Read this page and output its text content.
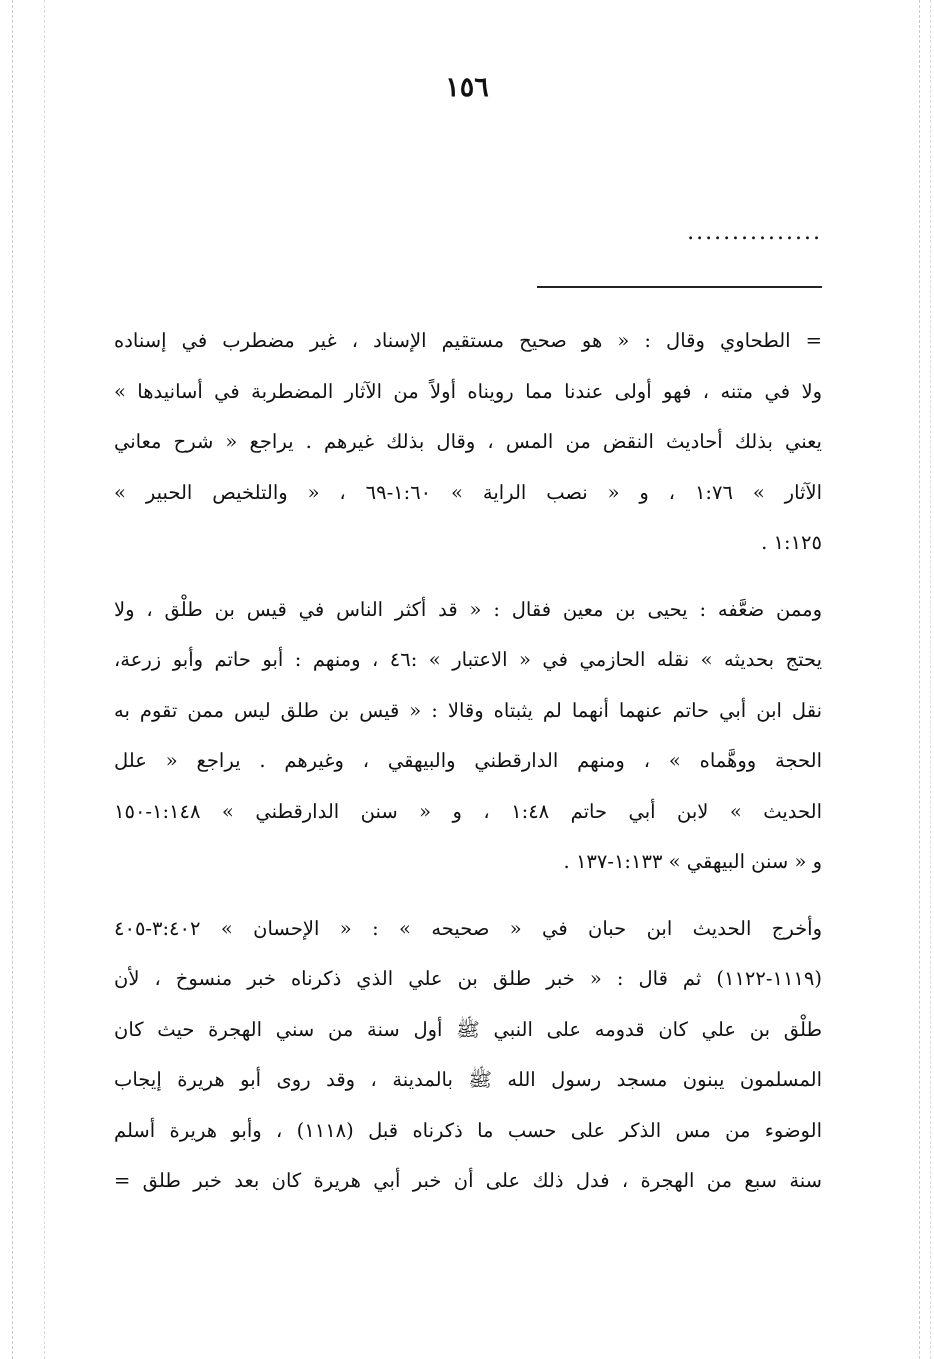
١٥٦
...............
= الطحاوي وقال : « هو صحيح مستقيم الإسناد ، غير مضطرب في إسناده
ولا في متنه ، فهو أولى عندنا مما رويناه أولاً من الآثار المضطربة في أسانيدها »
يعني بذلك أحاديث النقض من المس ، وقال بذلك غيرهم . يراجع « شرح معاني
الآثار » ١:٧٦ ، و « نصب الراية » ١:٦٠-٦٩ ، « والتلخيص الحبير »
١:١٢٥ .
وممن ضعَّفه : يحيى بن معين فقال : « قد أكثر الناس في قيس بن طلْق ، ولا
يحتج بحديثه » نقله الحازمي في « الاعتبار » :٤٦ ، ومنهم : أبو حاتم وأبو زرعة،
نقل ابن أبي حاتم عنهما أنهما لم يثبتاه وقالا : « قيس بن طلق ليس ممن تقوم به
الحجة ووهَّماه » ، ومنهم الدارقطني والبيهقي ، وغيرهم . يراجع « علل
الحديث » لابن أبي حاتم ١:٤٨ ، و « سنن الدارقطني » ١:١٤٨-١٥٠
و « سنن البيهقي » ١:١٣٣-١٣٧ .
وأخرج الحديث ابن حبان في « صحيحه » : « الإحسان » ٣:٤٠٢-٤٠٥
(١١١٩-١١٢٢) ثم قال : « خبر طلق بن علي الذي ذكرناه خبر منسوخ ، لأن
طلْق بن علي كان قدومه على النبي ﷺ أول سنة من سني الهجرة حيث كان
المسلمون يبنون مسجد رسول الله ﷺ بالمدينة ، وقد روى أبو هريرة إيجاب
الوضوء من مس الذكر على حسب ما ذكرناه قبل (١١١٨) ، وأبو هريرة أسلم
سنة سبع من الهجرة ، فدل ذلك على أن خبر أبي هريرة كان بعد خبر طلق =
